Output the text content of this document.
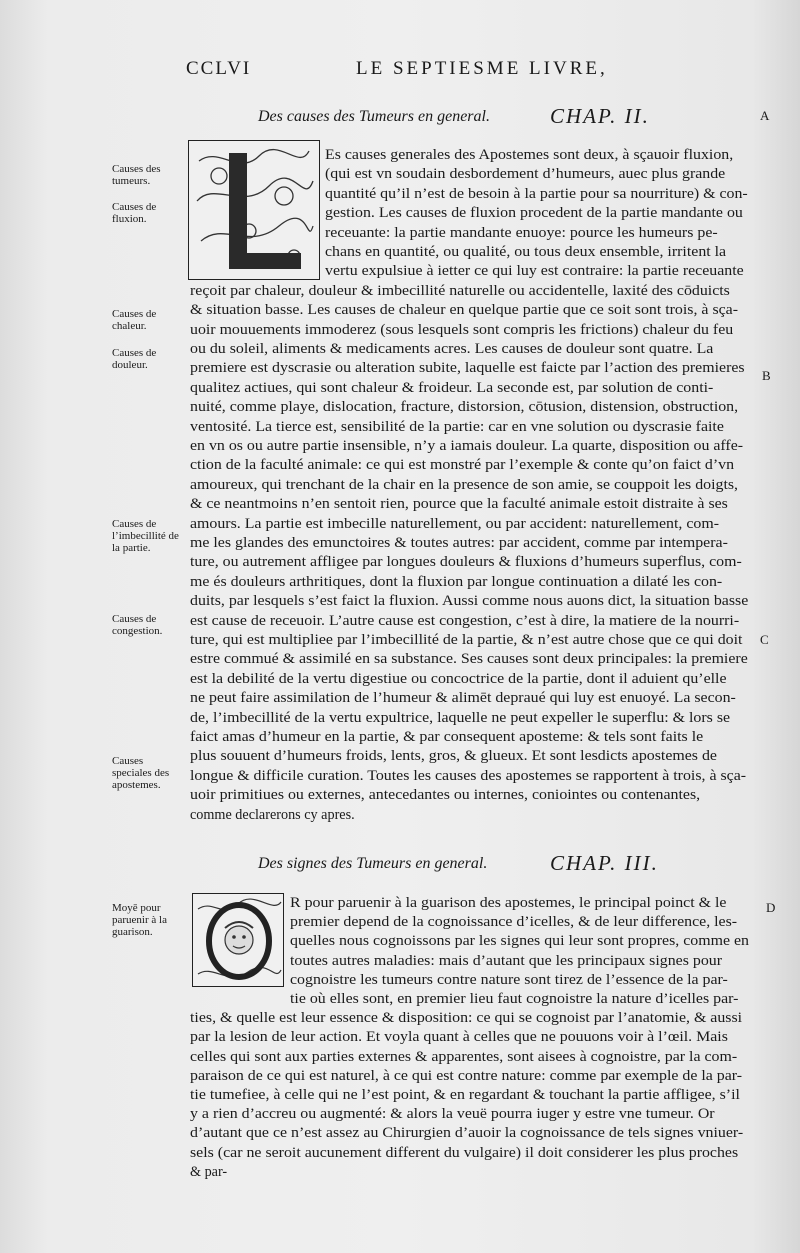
CCLVI	LE SEPTIESME LIVRE,
A
B
C
D
Des causes des Tumeurs en general.	CHAP. II.
Es causes generales des Apostemes sont deux, à sçauoir fluxion,
(qui est vn soudain desbordement d’humeurs, auec plus grande
quantité qu’il n’est de besoin à la partie pour sa nourriture) & con-
gestion. Les causes de fluxion procedent de la partie mandante ou
receuante: la partie mandante enuoye: pource les humeurs pe-
chans en quantité, ou qualité, ou tous deux ensemble, irritent la
vertu expulsiue à ietter ce qui luy est contraire: la partie receuante
reçoit par chaleur, douleur & imbecillité naturelle ou accidentelle, laxité des cōduicts
& situation basse. Les causes de chaleur en quelque partie que ce soit sont trois, à sça-
uoir mouuements immoderez (sous lesquels sont compris les frictions) chaleur du feu
ou du soleil, aliments & medicaments acres. Les causes de douleur sont quatre. La
premiere est dyscrasie ou alteration subite, laquelle est faicte par l’action des premieres
qualitez actiues, qui sont chaleur & froideur. La seconde est, par solution de conti-
nuité, comme playe, dislocation, fracture, distorsion, cōtusion, distension, obstruction,
ventosité. La tierce est, sensibilité de la partie: car en vne solution ou dyscrasie faite
en vn os ou autre partie insensible, n’y a iamais douleur. La quarte, disposition ou affe-
ction de la faculté animale: ce qui est monstré par l’exemple & conte qu’on faict d’vn
amoureux, qui trenchant de la chair en la presence de son amie, se couppoit les doigts,
& ce neantmoins n’en sentoit rien, pource que la faculté animale estoit distraite à ses
amours. La partie est imbecille naturellement, ou par accident: naturellement, com-
me les glandes des emunctoires & toutes autres: par accident, comme par intempera-
ture, ou autrement affligee par longues douleurs & fluxions d’humeurs superflus, com-
me és douleurs arthritiques, dont la fluxion par longue continuation a dilaté les con-
duits, par lesquels s’est faict la fluxion. Aussi comme nous auons dict, la situation basse
est cause de receuoir. L’autre cause est congestion, c’est à dire, la matiere de la nourri-
ture, qui est multipliee par l’imbecillité de la partie, & n’est autre chose que ce qui doit
estre commué & assimilé en sa substance. Ses causes sont deux principales: la premiere
est la debilité de la vertu digestiue ou concoctrice de la partie, dont il aduient qu’elle
ne peut faire assimilation de l’humeur & alimēt depraué qui luy est enuoyé. La secon-
de, l’imbecillité de la vertu expultrice, laquelle ne peut expeller le superflu: & lors se
faict amas d’humeur en la partie, & par consequent aposteme: & tels sont faits le
plus souuent d’humeurs froids, lents, gros, & glueux. Et sont lesdicts apostemes de
longue & difficile curation. Toutes les causes des apostemes se rapportent à trois, à sça-
uoir primitiues ou externes, antecedantes ou internes, coniointes ou contenantes,
comme declarerons cy apres.
Causes des tumeurs.
Causes de fluxion.
Causes de chaleur.
Causes de douleur.
Causes de l’imbecillité de la partie.
Causes de congestion.
Causes speciales des apostemes.
Moyē pour paruenir à la guarison.
Des signes des Tumeurs en general.	CHAP. III.
R pour paruenir à la guarison des apostemes, le principal poinct & le
premier depend de la cognoissance d’icelles, & de leur difference, les-
quelles nous cognoissons par les signes qui leur sont propres, comme en
toutes autres maladies: mais d’autant que les principaux signes pour
cognoistre les tumeurs contre nature sont tirez de l’essence de la par-
tie où elles sont, en premier lieu faut cognoistre la nature d’icelles par-
ties, & quelle est leur essence & disposition: ce qui se cognoist par l’anatomie, & aussi
par la lesion de leur action. Et voyla quant à celles que ne pouuons voir à l’œil. Mais
celles qui sont aux parties externes & apparentes, sont aisees à cognoistre, par la com-
paraison de ce qui est naturel, à ce qui est contre nature: comme par exemple de la par-
tie tumefiee, à celle qui ne l’est point, & en regardant & touchant la partie affligee, s’il
y a rien d’accreu ou augmenté: & alors la veuë pourra iuger y estre vne tumeur. Or
d’autant que ce n’est assez au Chirurgien d’auoir la cognoissance de tels signes vniuer-
sels (car ne seroit aucunement different du vulgaire) il doit considerer les plus proches
& par-
